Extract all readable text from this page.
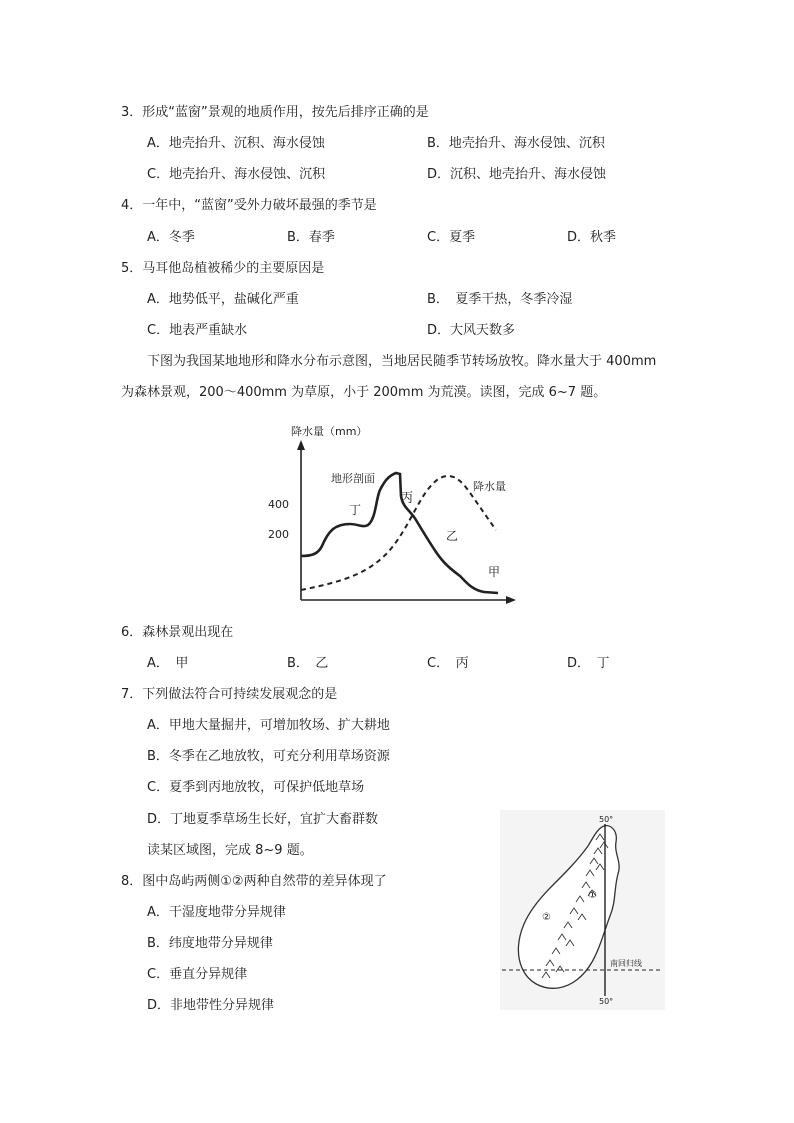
3．形成“蓝窗”景观的地质作用，按先后排序正确的是
A．地壳抬升、沉积、海水侵蚀	B．地壳抬升、海水侵蚀、沉积
C．地壳抬升、海水侵蚀、沉积	D．沉积、地壳抬升、海水侵蚀
4．一年中，“蓝窗”受外力破坏最强的季节是
A．冬季	B．春季	C．夏季	D．秋季
5．马耳他岛植被稀少的主要原因是
A．地势低平，盐碱化严重	B．　夏季干热，冬季冷湿
C．地表严重缺水	D．大风天数多
下图为我国某地地形和降水分布示意图，当地居民随季节转场放牧。降水量大于 400mm
为森林景观，200～400mm 为草原，小于 200mm 为荒漠。读图，完成 6~7 题。
降水量（mm）
400
200
地形剖面
降水量
丁
丙
乙
甲
6．森林景观出现在
A．　甲	B．　乙	C．　丙	D．　丁
7．下列做法符合可持续发展观念的是
A．甲地大量掘井，可增加牧场、扩大耕地
B．冬季在乙地放牧，可充分利用草场资源
C．夏季到丙地放牧，可保护低地草场
D．丁地夏季草场生长好，宜扩大畜群数
读某区域图，完成 8~9 题。
8．图中岛屿两侧①②两种自然带的差异体现了
A．干湿度地带分异规律
B．纬度地带分异规律
C．垂直分异规律
D．非地带性分异规律
50°
50°
南回归线
②
①
